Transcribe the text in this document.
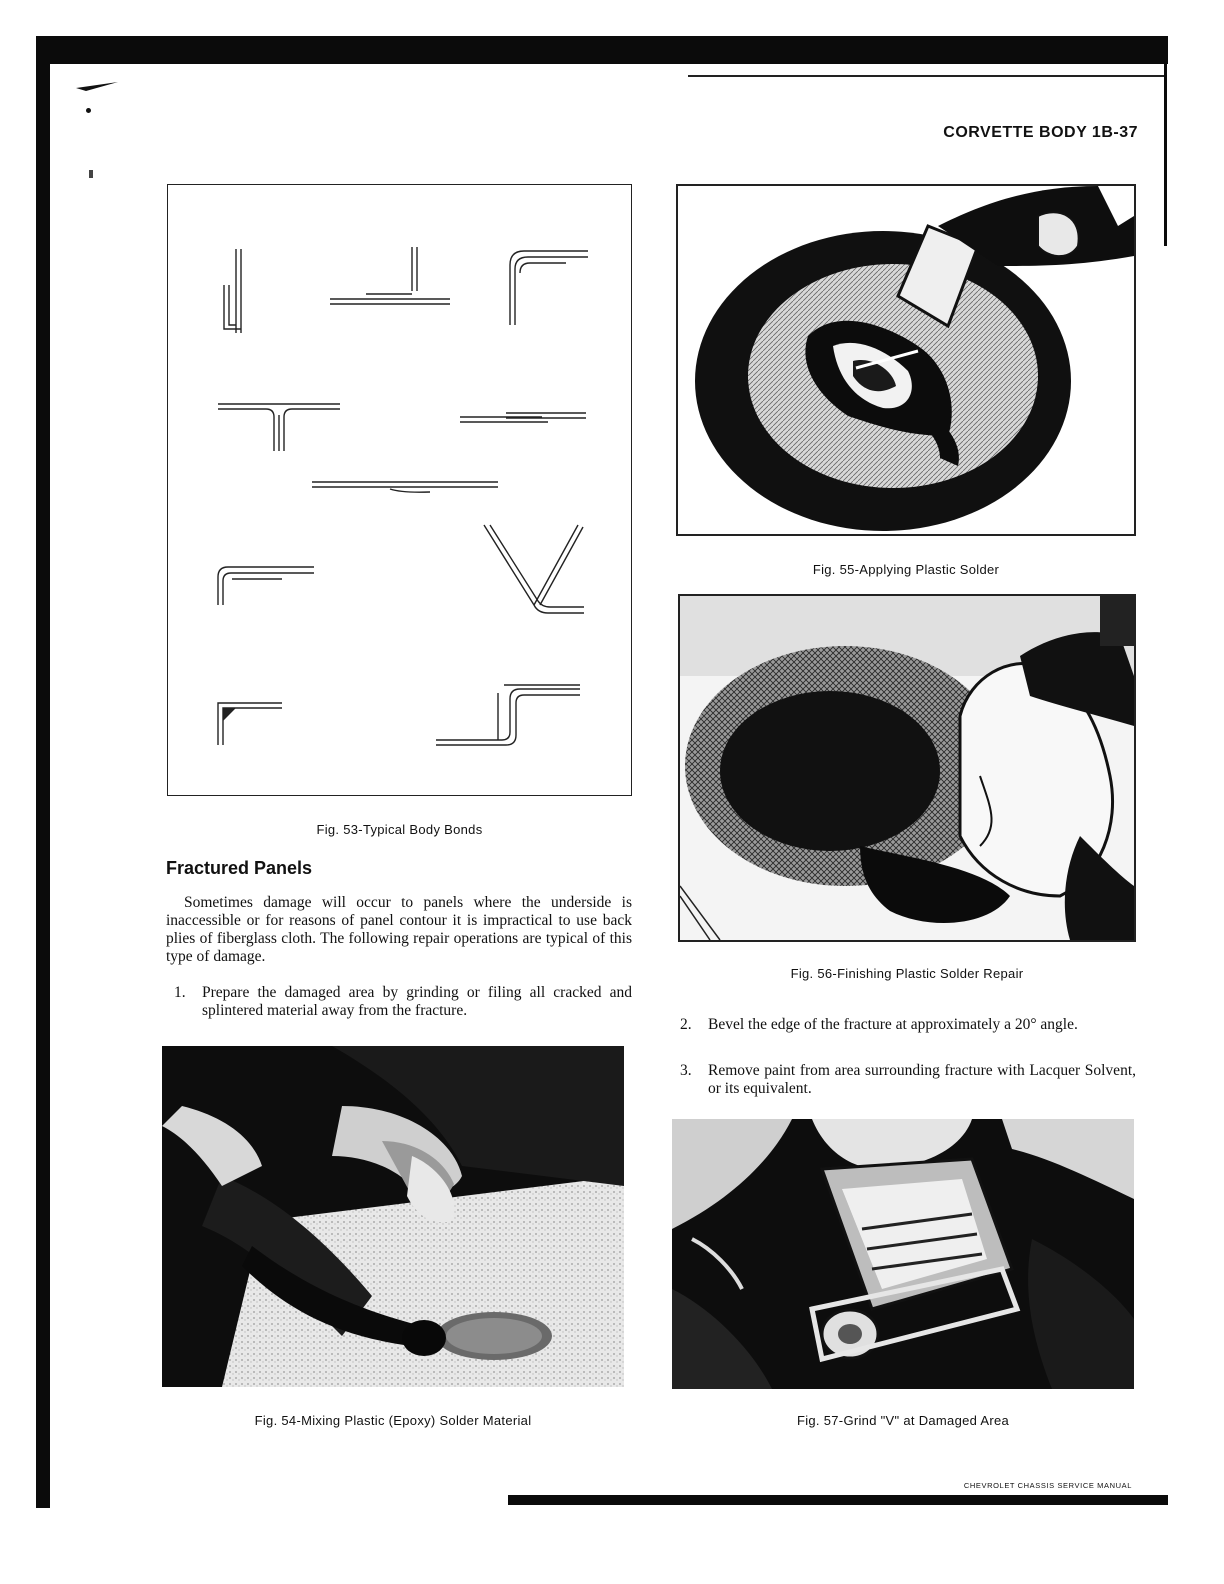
CORVETTE BODY 1B-37
Fig. 53-Typical Body Bonds
Fractured Panels
Sometimes damage will occur to panels where the underside is inaccessible or for reasons of panel contour it is impractical to use back plies of fiberglass cloth. The following repair operations are typical of this type of damage.
1. Prepare the damaged area by grinding or filing all cracked and splintered material away from the fracture.
Fig. 54-Mixing Plastic (Epoxy) Solder Material
Fig. 55-Applying Plastic Solder
Fig. 56-Finishing Plastic Solder Repair
2. Bevel the edge of the fracture at approximately a 20° angle.
3. Remove paint from area surrounding fracture with Lacquer Solvent, or its equivalent.
Fig. 57-Grind "V" at Damaged Area
CHEVROLET CHASSIS SERVICE MANUAL
